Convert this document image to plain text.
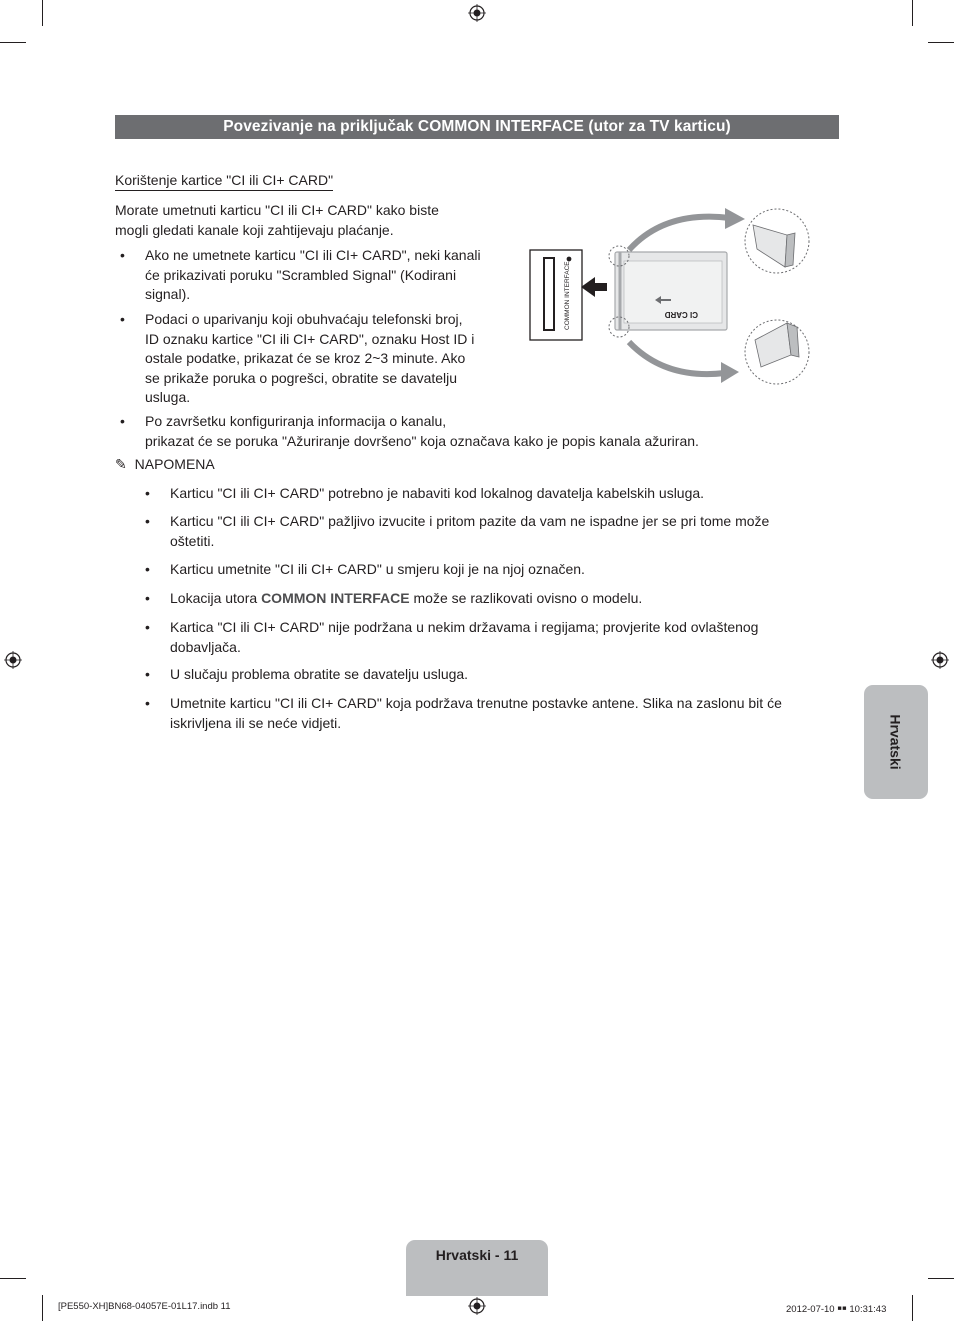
Povezivanje na priključak COMMON INTERFACE (utor za TV karticu)
Korištenje kartice "CI ili CI+ CARD"
Morate umetnuti karticu "CI ili CI+ CARD" kako biste
mogli gledati kanale koji zahtijevaju plaćanje.
• Ako ne umetnete karticu "CI ili CI+ CARD", neki kanali
će prikazivati poruku "Scrambled Signal" (Kodirani
signal).
• Podaci o uparivanju koji obuhvaćaju telefonski broj,
ID oznaku kartice "CI ili CI+ CARD", oznaku Host ID i
ostale podatke, prikazat će se kroz 2~3 minute. Ako
se prikaže poruka o pogrešci, obratite se davatelju
usluga.
• Po završetku konfiguriranja informacija o kanalu,
prikazat će se poruka "Ažuriranje dovršeno" koja označava kako je popis kanala ažuriran.
✎ NAPOMENA
• Karticu "CI ili CI+ CARD" potrebno je nabaviti kod lokalnog davatelja kabelskih usluga.
• Karticu "CI ili CI+ CARD" pažljivo izvucite i pritom pazite da vam ne ispadne jer se pri tome može
oštetiti.
• Karticu umetnite "CI ili CI+ CARD" u smjeru koji je na njoj označen.
• Lokacija utora COMMON INTERFACE može se razlikovati ovisno o modelu.
• Kartica "CI ili CI+ CARD" nije podržana u nekim državama i regijama; provjerite kod ovlaštenog
dobavljača.
• U slučaju problema obratite se davatelju usluga.
• Umetnite karticu "CI ili CI+ CARD" koja podržava trenutne postavke antene. Slika na zaslonu bit će
iskrivljena ili se neće vidjeti.
COMMON INTERFACE	CI CARD
Hrvatski
Hrvatski - 11
[PE550-XH]BN68-04057E-01L17.indb 11	2012-07-10 ￭￭ 10:31:43
